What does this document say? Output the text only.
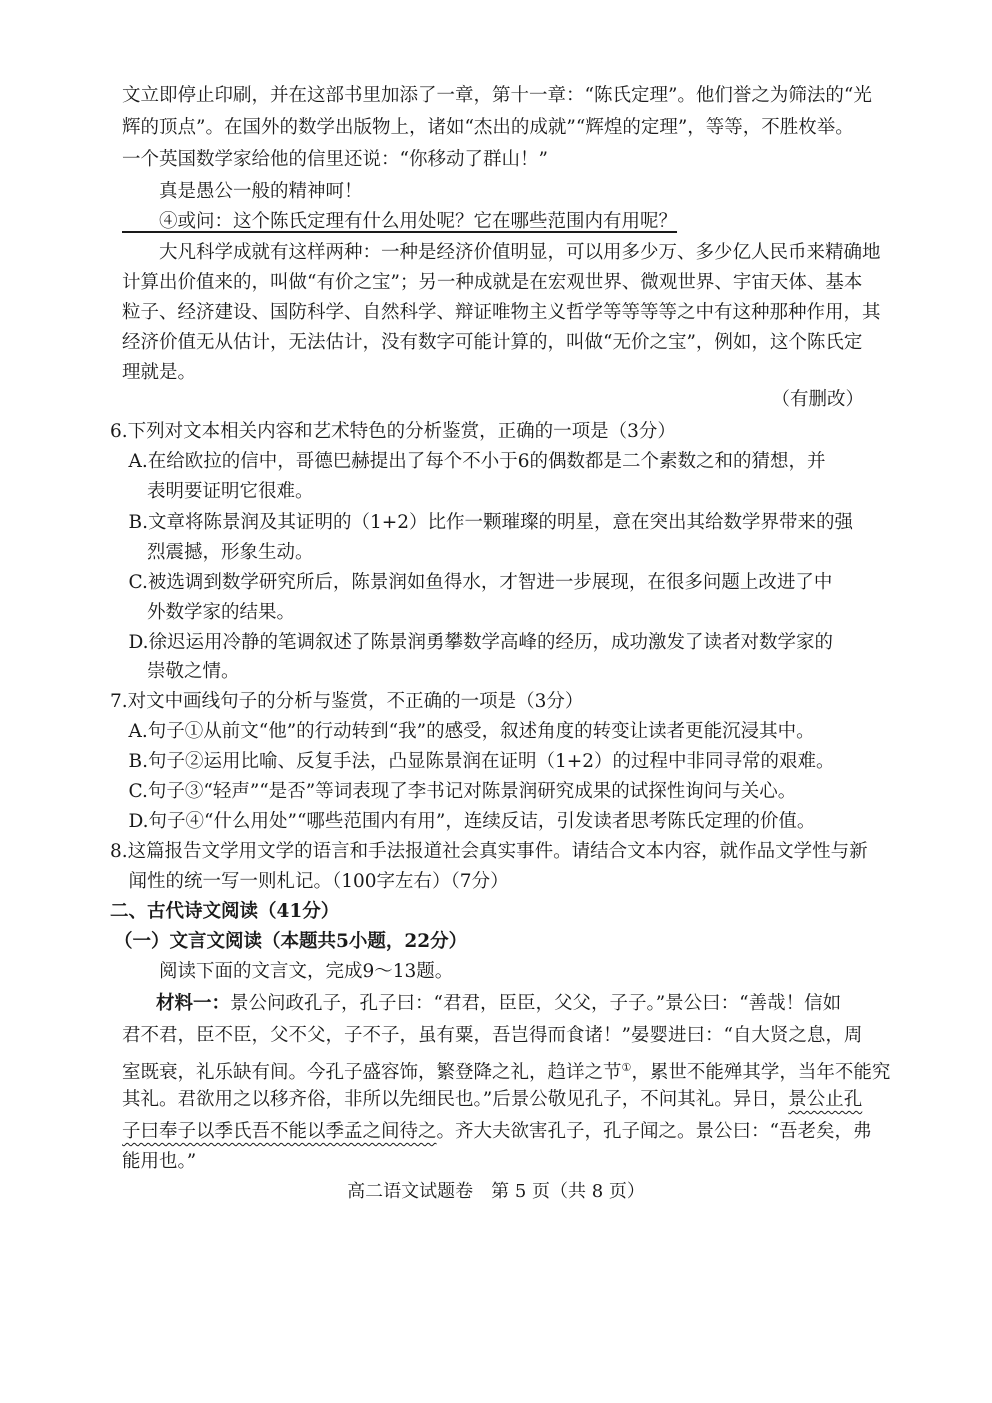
文立即停止印刷，并在这部书里加添了一章，第十一章：“陈氏定理”。他们誉之为筛法的“光
辉的顶点”。在国外的数学出版物上，诸如“杰出的成就”“辉煌的定理”，等等，不胜枚举。
一个英国数学家给他的信里还说：“你移动了群山！”
　　真是愚公一般的精神呵！
　　④或问：这个陈氏定理有什么用处呢？它在哪些范围内有用呢？
　　大凡科学成就有这样两种：一种是经济价值明显，可以用多少万、多少亿人民币来精确地
计算出价值来的，叫做“有价之宝”；另一种成就是在宏观世界、微观世界、宇宙天体、基本
粒子、经济建设、国防科学、自然科学、辩证唯物主义哲学等等等等之中有这种那种作用，其
经济价值无从估计，无法估计，没有数字可能计算的，叫做“无价之宝”，例如，这个陈氏定
理就是。
（有删改）
6.下列对文本相关内容和艺术特色的分析鉴赏，正确的一项是（3分）
　A.在给欧拉的信中，哥德巴赫提出了每个不小于6的偶数都是二个素数之和的猜想，并
　　表明要证明它很难。
　B.文章将陈景润及其证明的（1+2）比作一颗璀璨的明星，意在突出其给数学界带来的强
　　烈震撼，形象生动。
　C.被选调到数学研究所后，陈景润如鱼得水，才智进一步展现，在很多问题上改进了中
　　外数学家的结果。
　D.徐迟运用冷静的笔调叙述了陈景润勇攀数学高峰的经历，成功激发了读者对数学家的
　　崇敬之情。
7.对文中画线句子的分析与鉴赏，不正确的一项是（3分）
　A.句子①从前文“他”的行动转到“我”的感受，叙述角度的转变让读者更能沉浸其中。
　B.句子②运用比喻、反复手法，凸显陈景润在证明（1+2）的过程中非同寻常的艰难。
　C.句子③“轻声”“是否”等词表现了李书记对陈景润研究成果的试探性询问与关心。
　D.句子④“什么用处”“哪些范围内有用”，连续反诘，引发读者思考陈氏定理的价值。
8.这篇报告文学用文学的语言和手法报道社会真实事件。请结合文本内容，就作品文学性与新
　闻性的统一写一则札记。（100字左右）（7分）
二、古代诗文阅读（41分）
（一）文言文阅读（本题共5小题，22分）
　　阅读下面的文言文，完成9～13题。
材料一：景公问政孔子，孔子曰：“君君，臣臣，父父，子子。”景公曰：“善哉！信如
君不君，臣不臣，父不父，子不子，虽有粟，吾岂得而食诸！”晏婴进曰：“自大贤之息，周
室既衰，礼乐缺有间。今孔子盛容饰，繁登降之礼，趋详之节①，累世不能殚其学，当年不能究
其礼。君欲用之以移齐俗，非所以先细民也。”后景公敬见孔子，不问其礼。异日，景公止孔
子曰奉子以季氏吾不能以季孟之间待之。齐大夫欲害孔子，孔子闻之。景公曰：“吾老矣，弗
能用也。”
高二语文试题卷　第 5 页（共 8 页）
